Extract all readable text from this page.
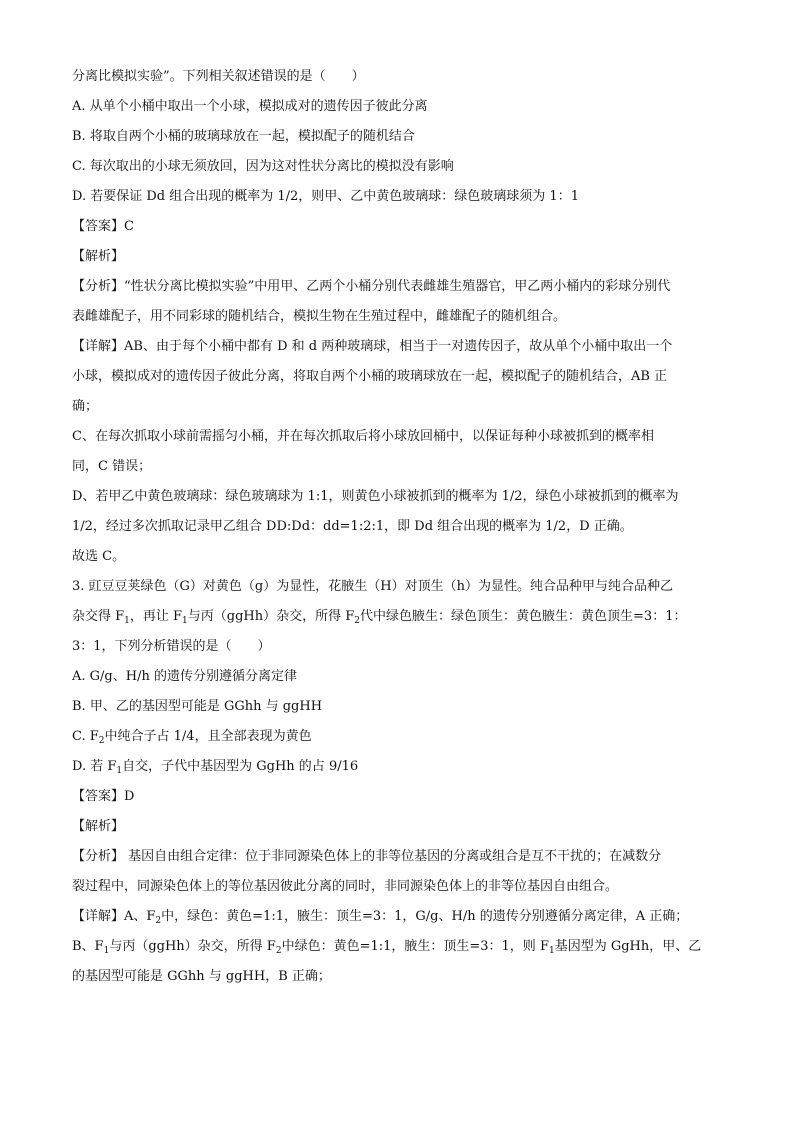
分离比模拟实验”。下列相关叙述错误的是（　　）
A. 从单个小桶中取出一个小球，模拟成对的遗传因子彼此分离
B. 将取自两个小桶的玻璃球放在一起，模拟配子的随机结合
C. 每次取出的小球无须放回，因为这对性状分离比的模拟没有影响
D. 若要保证 Dd 组合出现的概率为 1/2，则甲、乙中黄色玻璃球：绿色玻璃球须为 1：1
【答案】C
【解析】
【分析】“性状分离比模拟实验”中用甲、乙两个小桶分别代表雌雄生殖器官，甲乙两小桶内的彩球分别代
表雌雄配子，用不同彩球的随机结合，模拟生物在生殖过程中，雌雄配子的随机组合。
【详解】AB、由于每个小桶中都有 D 和 d 两种玻璃球，相当于一对遗传因子，故从单个小桶中取出一个
小球，模拟成对的遗传因子彼此分离，将取自两个小桶的玻璃球放在一起，模拟配子的随机结合，AB 正
确；
C、在每次抓取小球前需摇匀小桶，并在每次抓取后将小球放回桶中，以保证每种小球被抓到的概率相
同，C 错误；
D、若甲乙中黄色玻璃球：绿色玻璃球为 1:1，则黄色小球被抓到的概率为 1/2，绿色小球被抓到的概率为
1/2，经过多次抓取记录甲乙组合 DD:Dd：dd=1:2:1，即 Dd 组合出现的概率为 1/2，D 正确。
故选 C。
3. 豇豆豆荚绿色（G）对黄色（g）为显性，花腋生（H）对顶生（h）为显性。纯合品种甲与纯合品种乙
杂交得 $F_1$，再让 $F_1$与丙（ggHh）杂交，所得 $F_2$代中绿色腋生：绿色顶生：黄色腋生：黄色顶生=3：1：
3：1，下列分析错误的是（　　）
A. G/g、H/h 的遗传分别遵循分离定律
B. 甲、乙的基因型可能是 GGhh 与 ggHH
C. $F_2$中纯合子占 1/4，且全部表现为黄色
D. 若 $F_1$自交，子代中基因型为 GgHh 的占 9/16
【答案】D
【解析】
【分析】 基因自由组合定律：位于非同源染色体上的非等位基因的分离或组合是互不干扰的；在减数分
裂过程中，同源染色体上的等位基因彼此分离的同时，非同源染色体上的非等位基因自由组合。
【详解】A、$F_2$中，绿色：黄色=1:1，腋生：顶生=3：1，G/g、H/h 的遗传分别遵循分离定律，A 正确；
B、$F_1$与丙（ggHh）杂交，所得 $F_2$中绿色：黄色=1:1，腋生：顶生=3：1，则 $F_1$基因型为 GgHh，甲、乙
的基因型可能是 GGhh 与 ggHH，B 正确；
